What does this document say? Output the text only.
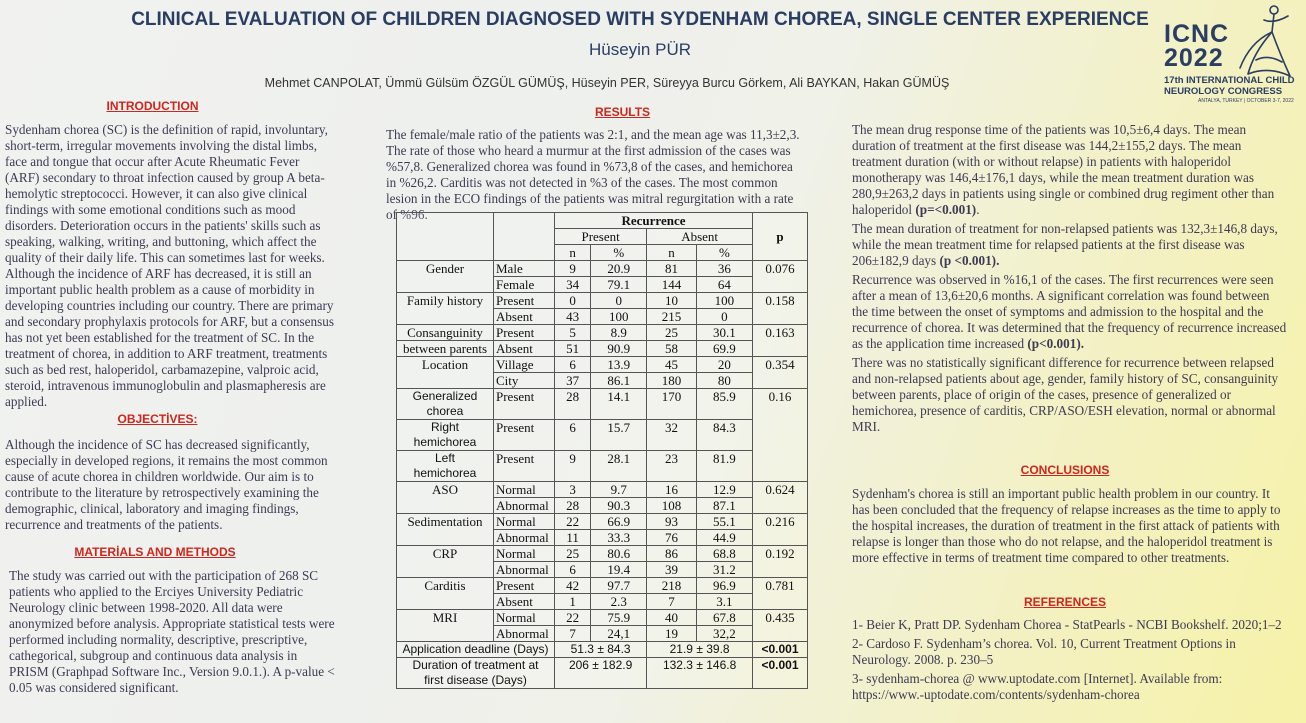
CLINICAL EVALUATION OF CHILDREN DIAGNOSED WITH SYDENHAM CHOREA, SINGLE CENTER EXPERIENCE
Hüseyin PÜR
Mehmet CANPOLAT, Ümmü Gülsüm ÖZGÜL GÜMÜŞ, Hüseyin PER, Süreyya Burcu Görkem, Ali BAYKAN, Hakan GÜMÜŞ
ICNC
2022
17th INTERNATIONAL CHILD
NEUROLOGY CONGRESS
ANTALYA, TURKEY | OCTOBER 3-7, 2022
INTRODUCTION

Sydenham chorea (SC) is the definition of rapid, involuntary, short-term, irregular movements involving the distal limbs, face and tongue that occur after Acute Rheumatic Fever (ARF) secondary to throat infection caused by group A beta-hemolytic streptococci. However, it can also give clinical findings with some emotional conditions such as mood disorders. Deterioration occurs in the patients' skills such as speaking, walking, writing, and buttoning, which affect the quality of their daily life. This can sometimes last for weeks. Although the incidence of ARF has decreased, it is still an important public health problem as a cause of morbidity in developing countries including our country. There are primary and secondary prophylaxis protocols for ARF, but a consensus has not yet been established for the treatment of SC. In the treatment of chorea, in addition to ARF treatment, treatments such as bed rest, haloperidol, carbamazepine, valproic acid, steroid, intravenous immunoglobulin and plasmapheresis are applied.

OBJECTİVES:

Although the incidence of SC has decreased significantly, especially in developed regions, it remains the most common cause of acute chorea in children worldwide. Our aim is to contribute to the literature by retrospectively examining the demographic, clinical, laboratory and imaging findings, recurrence and treatments of the patients.

MATERİALS AND METHODS

The study was carried out with the participation of 268 SC patients who applied to the Erciyes University Pediatric Neurology clinic between 1998-2020. All data were anonymized before analysis. Appropriate statistical tests were performed including normality, descriptive, prescriptive, cathegorical, subgroup and continuous data analysis in PRISM (Graphpad Software Inc., Version 9.0.1.). A p-value < 0.05 was considered significant.

RESULTS

The female/male ratio of the patients was 2:1, and the mean age was 11,3±2,3. The rate of those who heard a murmur at the first admission of the cases was %57,8. Generalized chorea was found in %73,8 of the cases, and hemichorea in %26,2. Carditis was not detected in %3 of the cases. The most common lesion in the ECO findings of the patients was mitral regurgitation with a rate of %96.

			Recurrence				p
		Present		Absent		
		n	%	n	%	
Gender	Male	9	20.9	81	36	0.076
	Female	34	79.1	144	64	
Family history	Present	0	0	10	100	0.158
	Absent	43	100	215	0	
Consanguinity	Present	5	8.9	25	30.1	0.163
between parents	Absent	51	90.9	58	69.9	
Location	Village	6	13.9	45	20	0.354
	City	37	86.1	180	80	
Generalized
chorea	Present	28	14.1	170	85.9	0.16
Right
hemichorea	Present	6	15.7	32	84.3	
Left
hemichorea	Present	9	28.1	23	81.9	
ASO	Normal	3	9.7	16	12.9	0.624
	Abnormal	28	90.3	108	87.1	
Sedimentation	Normal	22	66.9	93	55.1	0.216
	Abnormal	11	33.3	76	44.9	
CRP	Normal	25	80.6	86	68.8	0.192
	Abnormal	6	19.4	39	31.2	
Carditis	Present	42	97.7	218	96.9	0.781
	Absent	1	2.3	7	3.1	
MRI	Normal	22	75.9	40	67.8	0.435
	Abnormal	7	24,1	19	32,2	
Application deadline (Days)		51.3 ± 84.3		21.9 ± 39.8		<0.001
Duration of treatment at
first disease (Days)		206 ± 182.9		132.3 ± 146.8		<0.001

The mean drug response time of the patients was 10,5±6,4 days. The mean duration of treatment at the first disease was 144,2±155,2 days. The mean treatment duration (with or without relapse) in patients with haloperidol monotherapy was 146,4±176,1 days, while the mean treatment duration was 280,9±263,2 days in patients using single or combined drug regiment other than haloperidol (p=<0.001).

The mean duration of treatment for non-relapsed patients was 132,3±146,8 days, while the mean treatment time for relapsed patients at the first disease was 206±182,9 days (p <0.001).

Recurrence was observed in %16,1 of the cases. The first recurrences were seen after a mean of 13,6±20,6 months. A significant correlation was found between the time between the onset of symptoms and admission to the hospital and the recurrence of chorea. It was determined that the frequency of recurrence increased as the application time increased (p<0.001).

There was no statistically significant difference for recurrence between relapsed and non-relapsed patients about age, gender, family history of SC, consanguinity between parents, place of origin of the cases, presence of generalized or hemichorea, presence of carditis, CRP/ASO/ESH elevation, normal or abnormal MRI.

CONCLUSIONS

Sydenham's chorea is still an important public health problem in our country. It has been concluded that the frequency of relapse increases as the time to apply to the hospital increases, the duration of treatment in the first attack of patients with relapse is longer than those who do not relapse, and the haloperidol treatment is more effective in terms of treatment time compared to other treatments.

REFERENCES

1- Beier K, Pratt DP. Sydenham Chorea - StatPearls - NCBI Bookshelf. 2020;1–2

2- Cardoso F. Sydenham’s chorea. Vol. 10, Current Treatment Options in Neurology. 2008. p. 230–5

3- sydenham-chorea @ www.uptodate.com [Internet]. Available from: https://www.-uptodate.com/contents/sydenham-chorea
